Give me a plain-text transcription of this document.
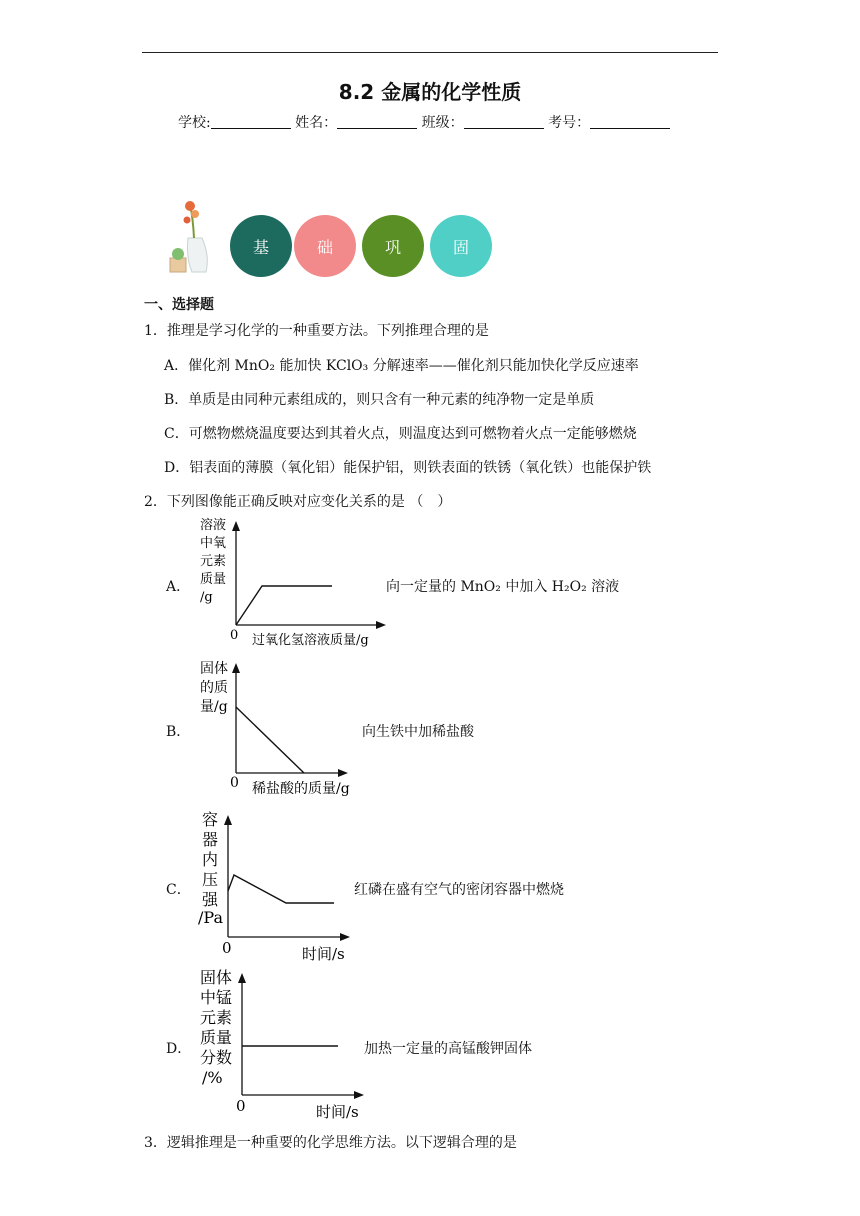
8.2 金属的化学性质
学校:	姓名：	班级：	考号：
基	础	巩	固
一、选择题
1．推理是学习化学的一种重要方法。下列推理合理的是
A．催化剂 MnO₂ 能加快 KClO₃ 分解速率——催化剂只能加快化学反应速率
B．单质是由同种元素组成的，则只含有一种元素的纯净物一定是单质
C．可燃物燃烧温度要达到其着火点，则温度达到可燃物着火点一定能够燃烧
D．铝表面的薄膜（氧化铝）能保护铝，则铁表面的铁锈（氧化铁）也能保护铁
2．下列图像能正确反映对应变化关系的是 （　）
A．	向一定量的 MnO₂ 中加入 H₂O₂ 溶液
溶液
中氧
元素
质量
/g
0 过氧化氢溶液质量/g
B．	向生铁中加稀盐酸
固体
的质
量/g
0 稀盐酸的质量/g
C．	红磷在盛有空气的密闭容器中燃烧
容
器
内
压
强
/Pa
0	时间/s
D．	加热一定量的高锰酸钾固体
固体
中锰
元素
质量
分数
/%
0	时间/s
3．逻辑推理是一种重要的化学思维方法。以下逻辑合理的是
